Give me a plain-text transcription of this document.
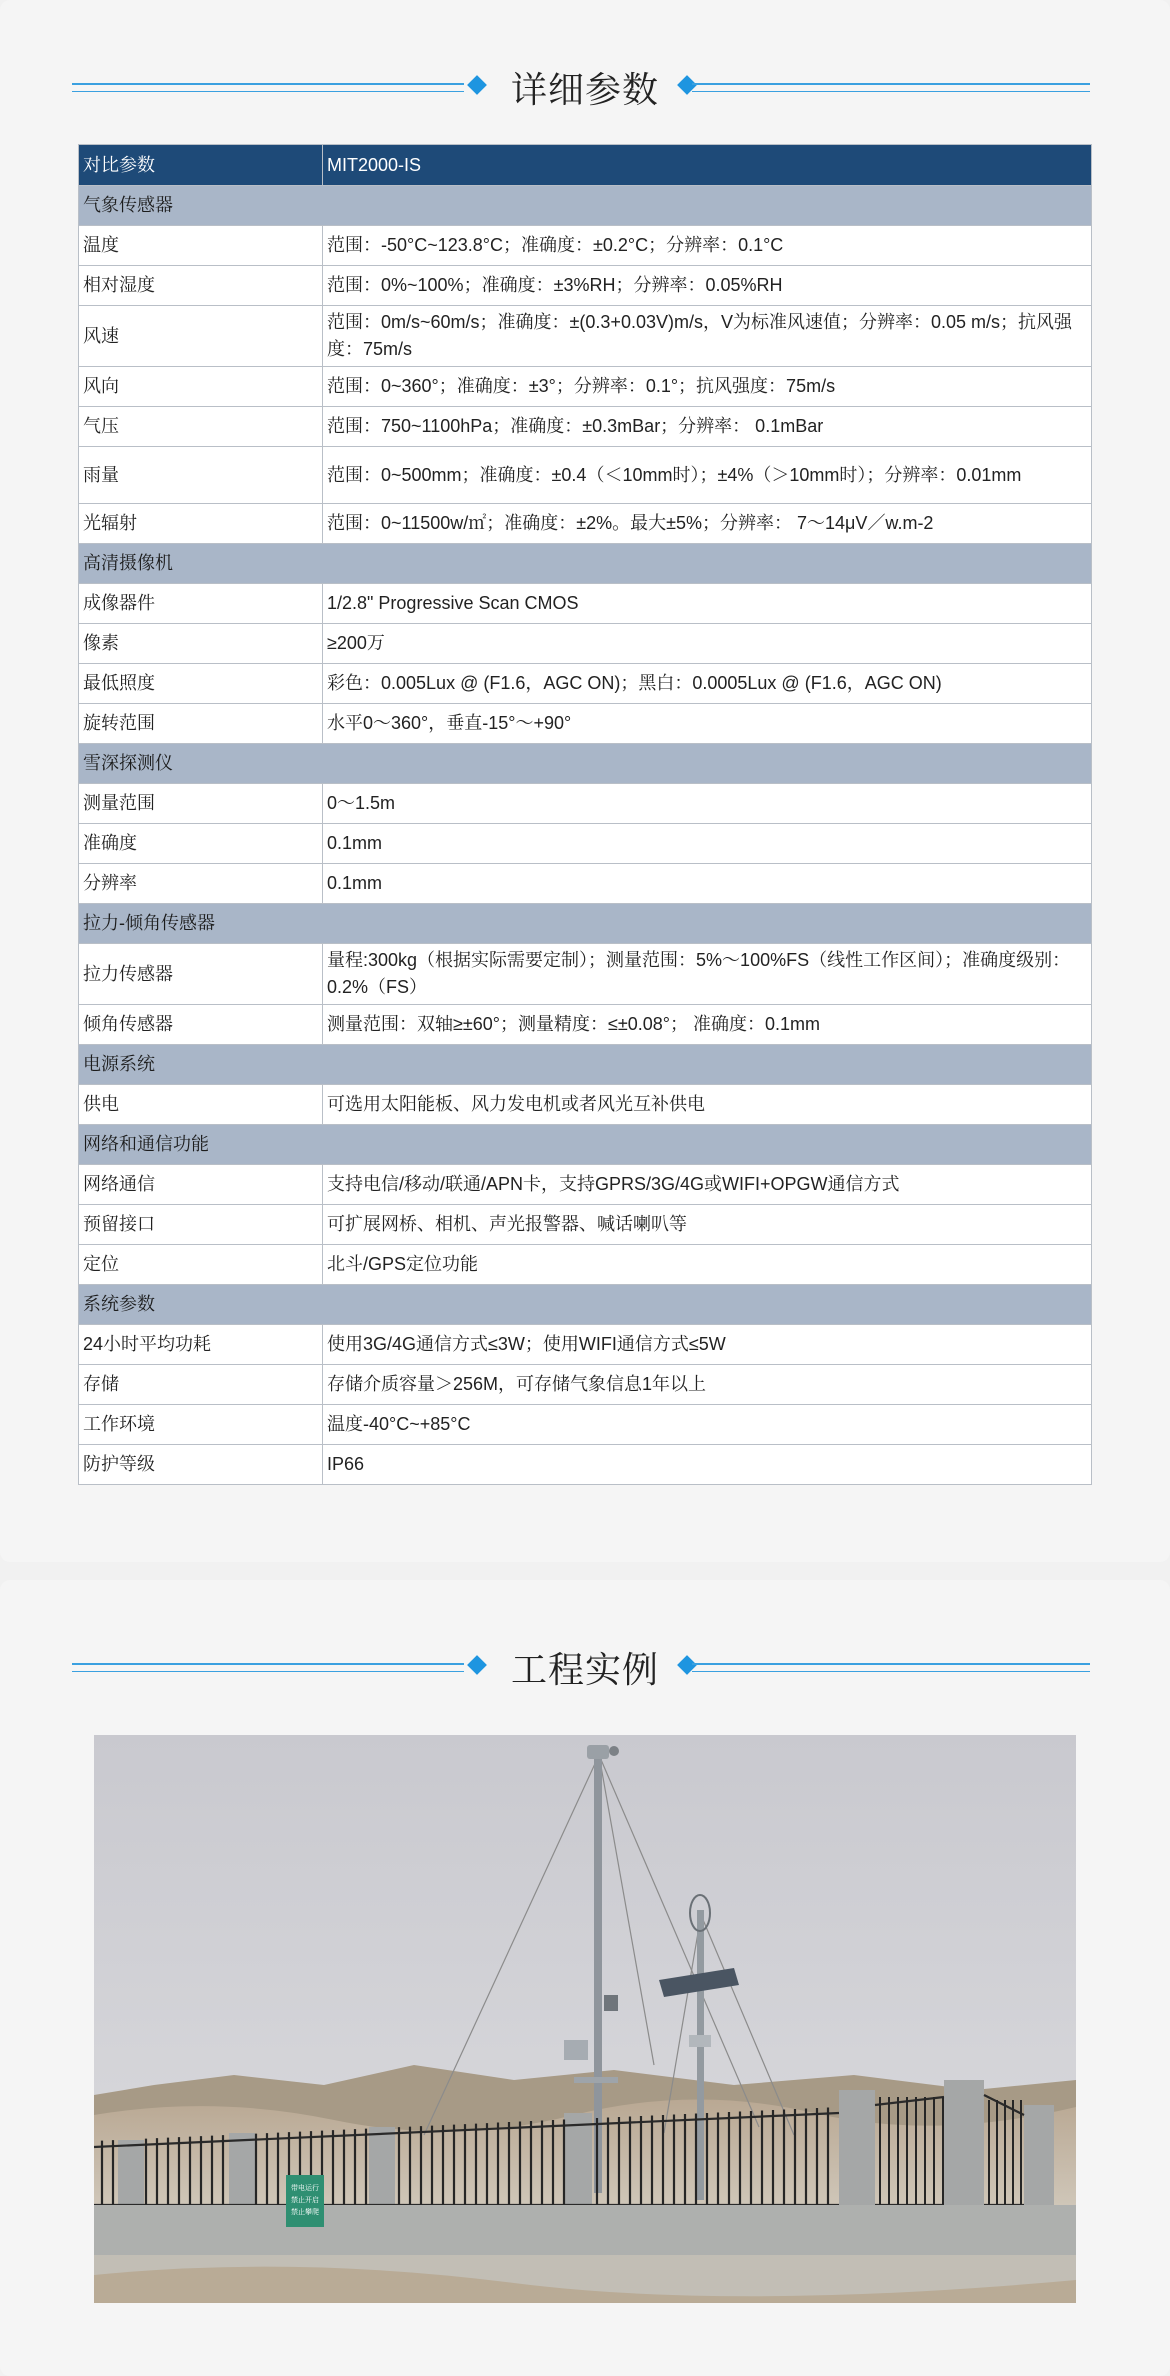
详细参数
对比参数	MIT2000-IS
气象传感器	
温度	范围：-50°C~123.8°C；准确度：±0.2°C；分辨率：0.1°C
相对湿度	范围：0%~100%；准确度：±3%RH；分辨率：0.05%RH
风速	范围：0m/s~60m/s；准确度：±(0.3+0.03V)m/s，V为标准风速值；分辨率：0.05 m/s；抗风强度：75m/s
风向	范围：0~360°；准确度：±3°；分辨率：0.1°；抗风强度：75m/s
气压	范围：750~1100hPa；准确度：±0.3mBar；分辨率： 0.1mBar
雨量	范围：0~500mm；准确度：±0.4（＜10mm时）；±4%（＞10mm时）；分辨率：0.01mm
光辐射	范围：0~11500w/㎡；准确度：±2%。最大±5%；分辨率： 7～14μV／w.m-2
高清摄像机	
成像器件	1/2.8" Progressive Scan CMOS
像素	≥200万
最低照度	彩色：0.005Lux @ (F1.6，AGC ON)；黑白：0.0005Lux @ (F1.6，AGC ON)
旋转范围	水平0～360°，垂直-15°～+90°
雪深探测仪	
测量范围	0～1.5m
准确度	0.1mm
分辨率	0.1mm
拉力-倾角传感器	
拉力传感器	量程:300kg（根据实际需要定制）；测量范围：5%～100%FS（线性工作区间）；准确度级别：0.2%（FS）
倾角传感器	测量范围：双轴≥±60°；测量精度：≤±0.08°； 准确度：0.1mm
电源系统	
供电	可选用太阳能板、风力发电机或者风光互补供电
网络和通信功能	
网络通信	支持电信/移动/联通/APN卡，支持GPRS/3G/4G或WIFI+OPGW通信方式
预留接口	可扩展网桥、相机、声光报警器、喊话喇叭等
定位	北斗/GPS定位功能
系统参数	
24小时平均功耗	使用3G/4G通信方式≤3W；使用WIFI通信方式≤5W
存储	存储介质容量＞256M，可存储气象信息1年以上
工作环境	温度-40°C~+85°C
防护等级	IP66
工程实例
带电运行
禁止开启
禁止攀爬
